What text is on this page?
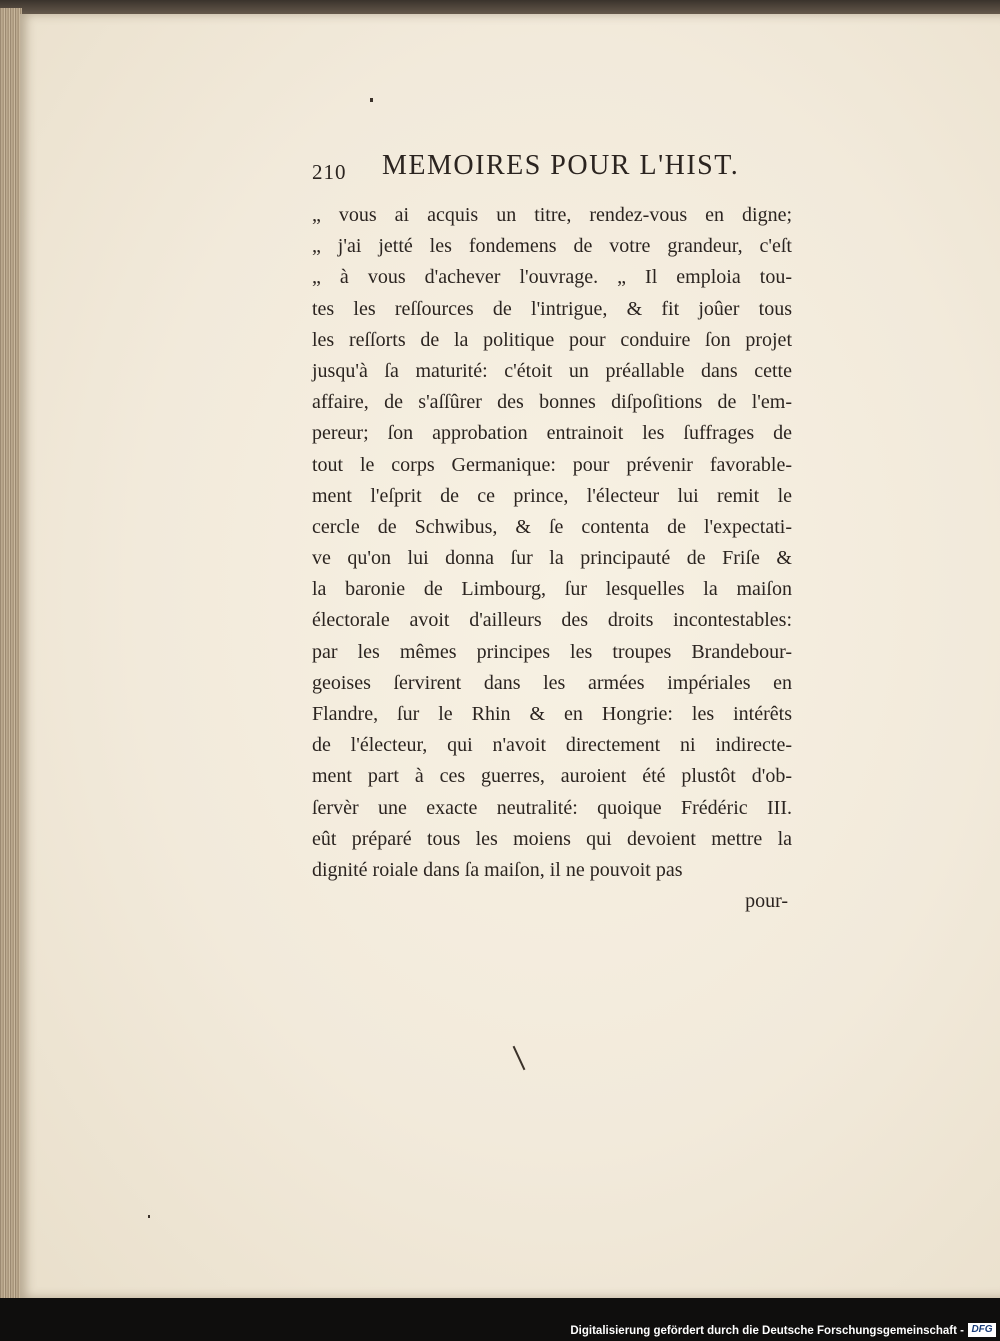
210 MEMOIRES POUR L'HIST.
„ vous ai acquis un titre, rendez-vous en digne;
„ j'ai jetté les fondemens de votre grandeur, c'eſt
„ à vous d'achever l'ouvrage. „ Il emploia tou-
tes les reſſources de l'intrigue, & fit joûer tous
les reſſorts de la politique pour conduire ſon projet
jusqu'à ſa maturité: c'étoit un préallable dans cette
affaire, de s'aſſûrer des bonnes diſpoſitions de l'em-
pereur; ſon approbation entrainoit les ſuffrages de
tout le corps Germanique: pour prévenir favorable-
ment l'eſprit de ce prince, l'électeur lui remit le
cercle de Schwibus, & ſe contenta de l'expectati-
ve qu'on lui donna ſur la principauté de Friſe &
la baronie de Limbourg, ſur lesquelles la maiſon
électorale avoit d'ailleurs des droits incontestables:
par les mêmes principes les troupes Brandebour-
geoises ſervirent dans les armées impériales en
Flandre, ſur le Rhin & en Hongrie: les intérêts
de l'électeur, qui n'avoit directement ni indirecte-
ment part à ces guerres, auroient été plustôt d'ob-
ſervèr une exacte neutralité: quoique Frédéric III.
eût préparé tous les moiens qui devoient mettre la
dignité roiale dans ſa maiſon, il ne pouvoit pas
pour-
Digitalisierung gefördert durch die Deutsche Forschungsgemeinschaft - DFG
